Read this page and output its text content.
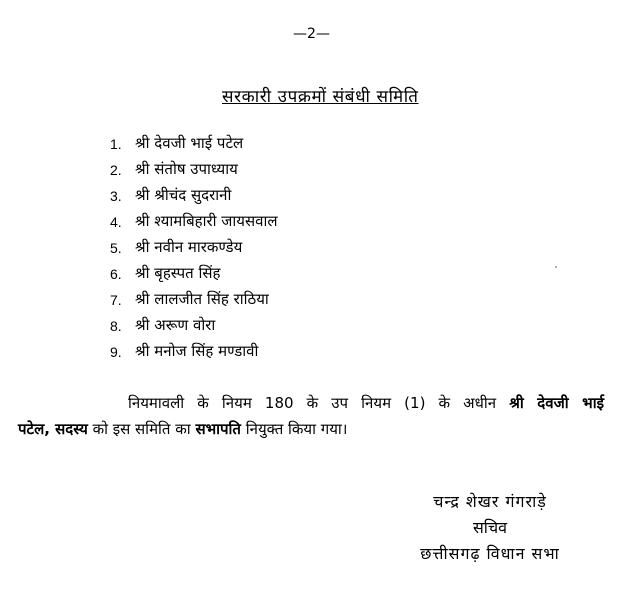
—2—
सरकारी उपक्रमों संबंधी समिति
1. श्री देवजी भाई पटेल
2. श्री संतोष उपाध्याय
3. श्री श्रीचंद सुदरानी
4. श्री श्यामबिहारी जायसवाल
5. श्री नवीन मारकण्डेय
6. श्री बृहस्पत सिंह
7. श्री लालजीत सिंह राठिया
8. श्री अरूण वोरा
9. श्री मनोज सिंह मण्डावी
नियमावली के नियम 180 के उप नियम (1) के अधीन श्री देवजी भाई
पटेल, सदस्य को इस समिति का सभापति नियुक्त किया गया।
चन्द्र शेखर गंगराड़े
सचिव
छत्तीसगढ़ विधान सभा
